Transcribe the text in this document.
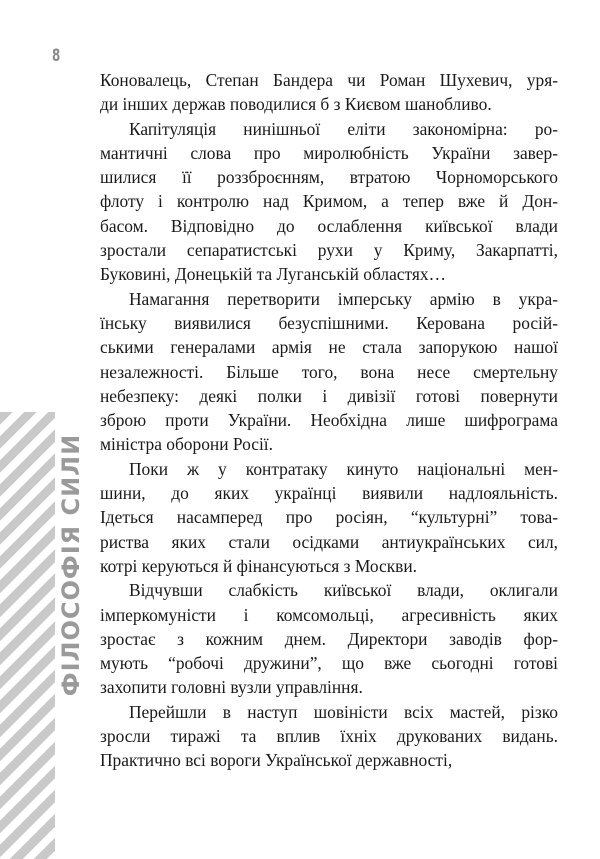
8
ФІЛОСОФІЯ СИЛИ

Коновалець, Степан Бандера чи Роман Шухевич, уря-
ди інших держав поводилися б з Києвом шанобливо.

Капітуляція нинішньої еліти закономірна: ро-
мантичні слова про миролюбність України завер-
шилися її роззброєнням, втратою Чорноморського
флоту і контролю над Кримом, а тепер вже й Дон-
басом. Відповідно до ослаблення київської влади
зростали сепаратистські рухи у Криму, Закарпатті,
Буковині, Донецькій та Луганській областях…

Намагання перетворити імперську армію в укра-
їнську виявилися безуспішними. Керована росій-
ськими генералами армія не стала запорукою нашої
незалежності. Більше того, вона несе смертельну
небезпеку: деякі полки і дивізії готові повернути
зброю проти України. Необхідна лише шифрограма
міністра оборони Росії.

Поки ж у контратаку кинуто національні мен-
шини, до яких українці виявили надлояльність.
Ідеться насамперед про росіян, “культурні” това-
риства яких стали осідками антиукраїнських сил,
котрі керуються й фінансуються з Москви.

Відчувши слабкість київської влади, оклигали
імперкомуністи і комсомольці, агресивність яких
зростає з кожним днем. Директори заводів фор-
мують “робочі дружини”, що вже сьогодні готові
захопити головні вузли управління.

Перейшли в наступ шовіністи всіх мастей, різко
зросли тиражі та вплив їхніх друкованих видань.
Практично всі вороги Української державності,
